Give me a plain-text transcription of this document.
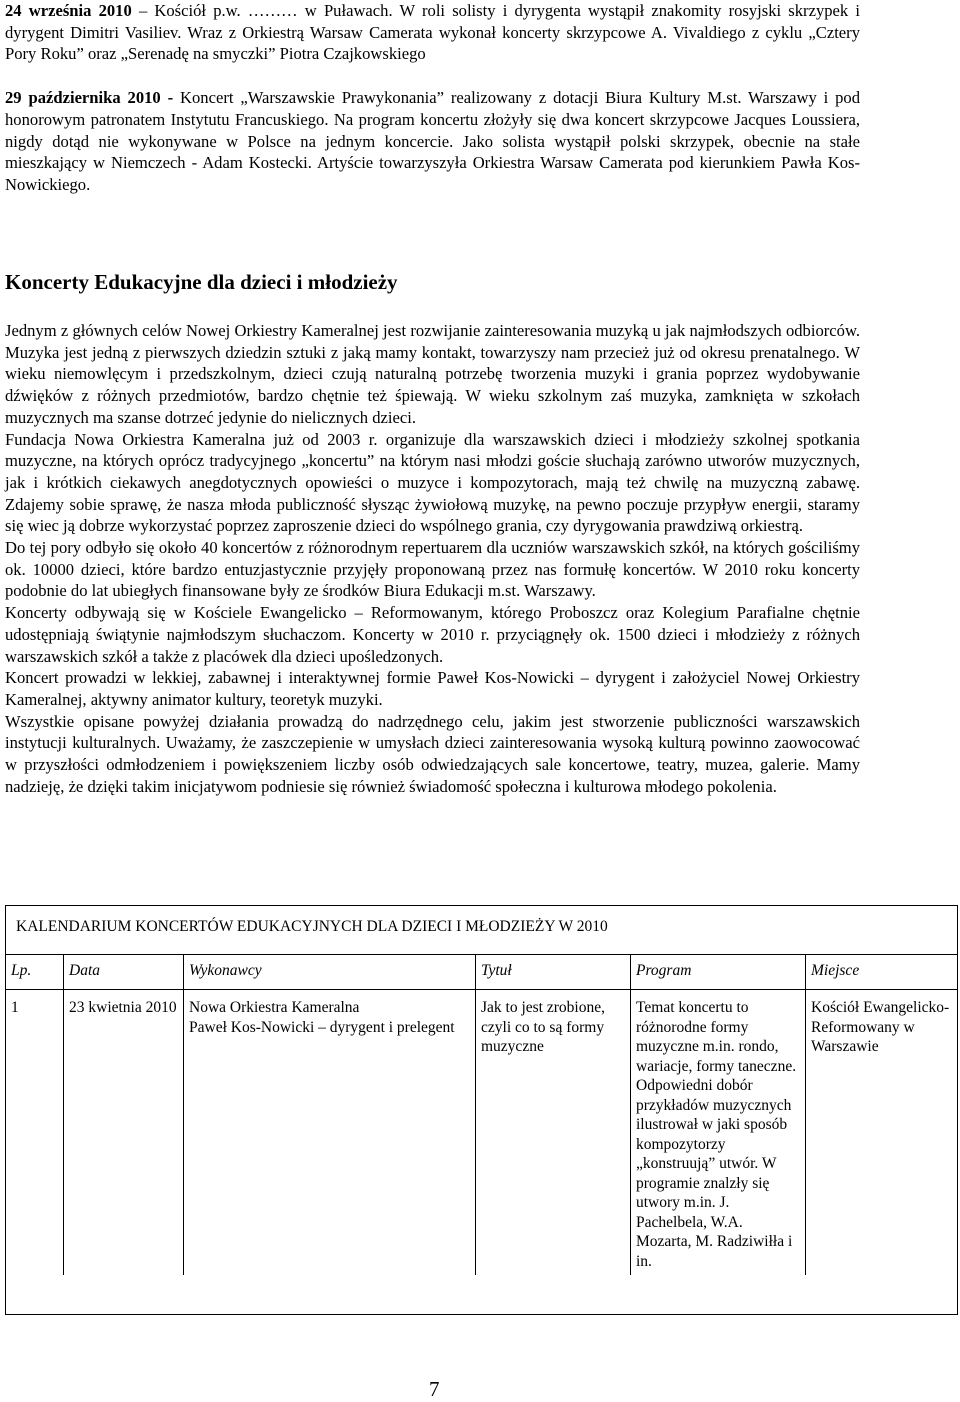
24 września 2010 – Kościół p.w. ……… w Puławach. W roli solisty i dyrygenta wystąpił znakomity rosyjski skrzypek i dyrygent Dimitri Vasiliev. Wraz z Orkiestrą Warsaw Camerata wykonał koncerty skrzypcowe A. Vivaldiego z cyklu „Cztery Pory Roku” oraz „Serenadę na smyczki” Piotra Czajkowskiego

29 października 2010 - Koncert „Warszawskie Prawykonania” realizowany z dotacji Biura Kultury M.st. Warszawy i pod honorowym patronatem Instytutu Francuskiego. Na program koncertu złożyły się dwa koncert skrzypcowe Jacques Loussiera, nigdy dotąd nie wykonywane w Polsce na jednym koncercie. Jako solista wystąpił polski skrzypek, obecnie na stałe mieszkający w Niemczech - Adam Kostecki. Artyście towarzyszyła Orkiestra Warsaw Camerata pod kierunkiem Pawła Kos-Nowickiego.

Koncerty Edukacyjne dla dzieci i młodzieży

Jednym z głównych celów Nowej Orkiestry Kameralnej jest rozwijanie zainteresowania muzyką u jak najmłodszych odbiorców. Muzyka jest jedną z pierwszych dziedzin sztuki z jaką mamy kontakt, towarzyszy nam przecież już od okresu prenatalnego. W wieku niemowlęcym i przedszkolnym, dzieci czują naturalną potrzebę tworzenia muzyki i grania poprzez wydobywanie dźwięków z różnych przedmiotów, bardzo chętnie też śpiewają. W wieku szkolnym zaś muzyka, zamknięta w szkołach muzycznych ma szanse dotrzeć jedynie do nielicznych dzieci.

Fundacja Nowa Orkiestra Kameralna już od 2003 r. organizuje dla warszawskich dzieci i młodzieży szkolnej spotkania muzyczne, na których oprócz tradycyjnego „koncertu” na którym nasi młodzi goście słuchają zarówno utworów muzycznych, jak i krótkich ciekawych anegdotycznych opowieści o muzyce i kompozytorach, mają też chwilę na muzyczną zabawę. Zdajemy sobie sprawę, że nasza młoda publiczność słysząc żywiołową muzykę, na pewno poczuje przypływ energii, staramy się wiec ją dobrze wykorzystać poprzez zaproszenie dzieci do wspólnego grania, czy dyrygowania prawdziwą orkiestrą.

Do tej pory odbyło się około 40 koncertów z różnorodnym repertuarem dla uczniów warszawskich szkół, na których gościliśmy ok. 10000 dzieci, które bardzo entuzjastycznie przyjęły proponowaną przez nas formułę koncertów. W 2010 roku koncerty podobnie do lat ubiegłych finansowane były ze środków Biura Edukacji m.st. Warszawy.

Koncerty odbywają się w Kościele Ewangelicko – Reformowanym, którego Proboszcz oraz Kolegium Parafialne chętnie udostępniają świątynie najmłodszym słuchaczom. Koncerty w 2010 r. przyciągnęły ok. 1500 dzieci i młodzieży z różnych warszawskich szkół a także z placówek dla dzieci upośledzonych.

Koncert prowadzi w lekkiej, zabawnej i interaktywnej formie Paweł Kos-Nowicki – dyrygent i założyciel Nowej Orkiestry Kameralnej, aktywny animator kultury, teoretyk muzyki.

Wszystkie opisane powyżej działania prowadzą do nadrzędnego celu, jakim jest stworzenie publiczności warszawskich instytucji kulturalnych. Uważamy, że zaszczepienie w umysłach dzieci zainteresowania wysoką kulturą powinno zaowocować w przyszłości odmłodzeniem i powiększeniem liczby osób odwiedzających sale koncertowe, teatry, muzea, galerie. Mamy nadzieję, że dzięki takim inicjatywom podniesie się również świadomość społeczna i kulturowa młodego pokolenia.

KALENDARIUM KONCERTÓW EDUKACYJNYCH DLA DZIECI I MŁODZIEŻY W 2010

Lp.	Data	Wykonawcy	Tytuł	Program	Miejsce
1	23 kwietnia 2010	Nowa Orkiestra Kameralna
Paweł Kos-Nowicki – dyrygent i prelegent	Jak to jest zrobione, czyli co to są formy muzyczne	Temat koncertu to różnorodne formy muzyczne m.in. rondo, wariacje, formy taneczne. Odpowiedni dobór przykładów muzycznych ilustrował w jaki sposób kompozytorzy „konstruują” utwór. W programie znalzły się utwory m.in. J. Pachelbela, W.A. Mozarta, M. Radziwiłła i in.	Kościół Ewangelicko-Reformowany w Warszawie

7
